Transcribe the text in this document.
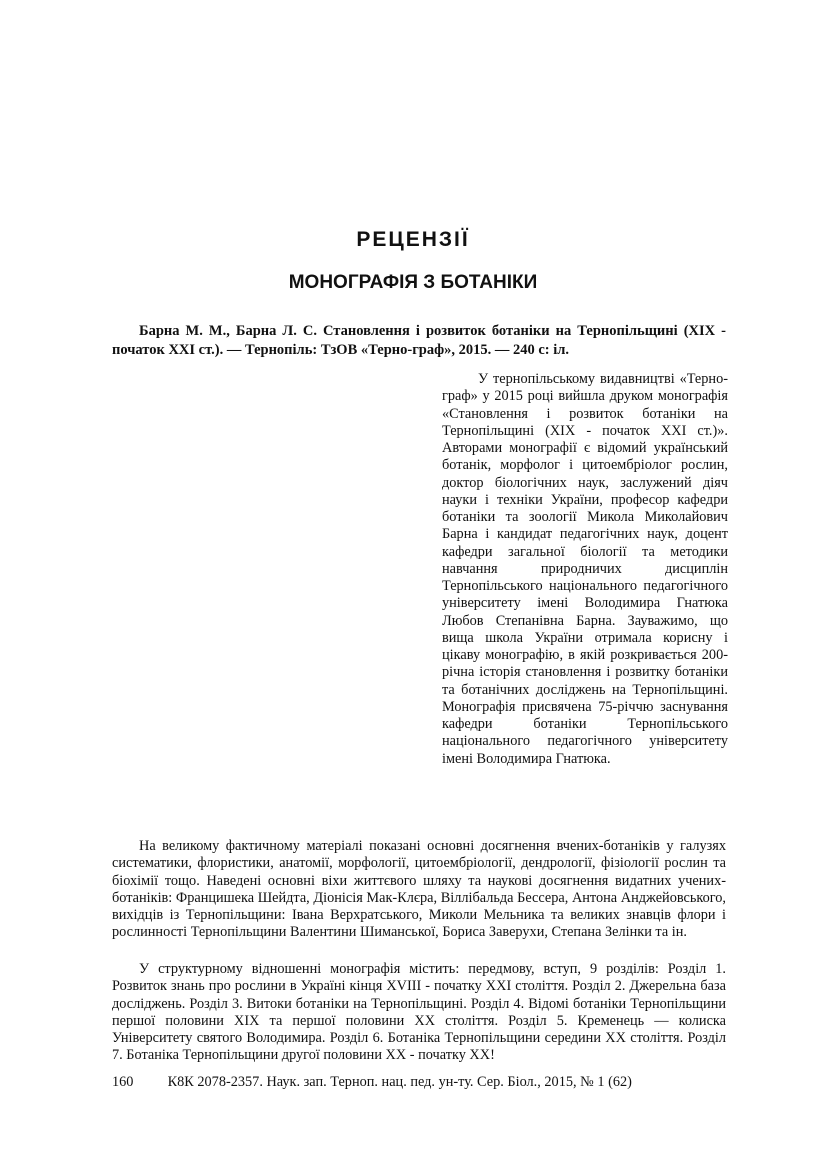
РЕЦЕНЗІЇ
МОНОГРАФІЯ З БОТАНІКИ

Барна М. М., Барна Л. С. Становлення і розвиток ботаніки на Тернопільщині (XIX - початок XXI ст.). — Тернопіль: ТзОВ «Терно-граф», 2015. — 240 с: іл.

У тернопільському видавництві «Терно-граф» у 2015 році вийшла друком монографія «Становлення і розвиток ботаніки на Тернопільщині (XIX - початок XXI ст.)». Авторами монографії є відомий український ботанік, морфолог і цитоембріолог рослин, доктор біологічних наук, заслужений діяч науки і техніки України, професор кафедри ботаніки та зоології Микола Миколайович Барна і кандидат педагогічних наук, доцент кафедри загальної біології та методики навчання природничих дисциплін Тернопільського національного педагогічного університету імені Володимира Гнатюка Любов Степанівна Барна. Зауважимо, що вища школа України отримала корисну і цікаву монографію, в якій розкривається 200-річна історія становлення і розвитку ботаніки та ботанічних досліджень на Тернопільщині. Монографія присвячена 75-річчю заснування кафедри ботаніки Тернопільського національного педагогічного університету імені Володимира Гнатюка.

На великому фактичному матеріалі показані основні досягнення вчених-ботаніків у галузях систематики, флористики, анатомії, морфології, цитоембріології, дендрології, фізіології рослин та біохімії тощо. Наведені основні віхи життєвого шляху та наукові досягнення видатних учених-ботаніків: Францишека Шейдта, Діонісія Мак-Клєра, Віллібальда Бессера, Антона Анджейовського, вихідців із Тернопільщини: Івана Верхратського, Миколи Мельника та великих знавців флори і рослинності Тернопільщини Валентини Шиманської, Бориса Заверухи, Степана Зелінки та ін.

У структурному відношенні монографія містить: передмову, вступ, 9 розділів: Розділ 1. Розвиток знань про рослини в Україні кінця XVIII - початку XXI століття. Розділ 2. Джерельна база досліджень. Розділ 3. Витоки ботаніки на Тернопільщині. Розділ 4. Відомі ботаніки Тернопільщини першої половини XIX та першої половини XX століття. Розділ 5. Кременець — колиска Університету святого Володимира. Розділ 6. Ботаніка Тернопільщини середини XX століття. Розділ 7. Ботаніка Тернопільщини другої половини XX - початку XX!

160 К8К 2078-2357. Наук. зап. Терноп. нац. пед. ун-ту. Сер. Біол., 2015, № 1 (62)
